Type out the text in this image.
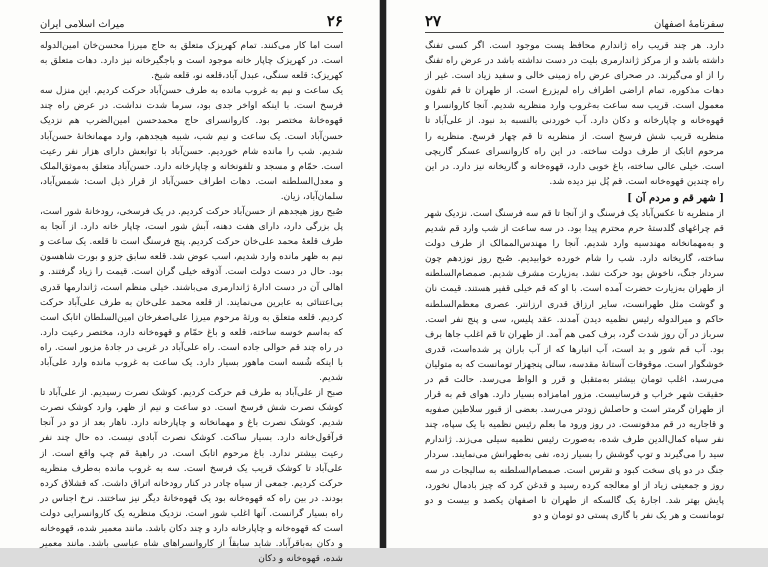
میراث اسلامی ایران	۲۶

است اما کار می‌کنند. تمام کهریزک متعلق به حاج میرزا محسن‌خان امین‌الدوله است. در کهریزک چاپار خانه موجود است و باجگیرخانه نیز دارد. دهات متعلق به کهریزک: قلعه سنگی، عبدل آباد،قلعه نو، قلعه شیخ.

یک ساعت و نیم به غروب مانده به طرف حسن‌آباد حرکت کردیم. این منزل سه فرسخ است. با اینکه اواخر جدی بود، سرما شدت نداشت. در عرض راه چند قهوه‌خانهٔ مختصر بود. کاروانسرای حاج محمدحسن امین‌الضرب هم نزدیک حسن‌آباد است. یک ساعت و نیم شب، شبیه هیجدهم، وارد مهمانخانهٔ حسن‌آباد شدیم. شب را مانده شام خوردیم. حسن‌آباد با توابعش دارای هزار نفر رعیت است. حمّام و مسجد و تلفونخانه و چاپارخانه دارد. حسن‌آباد متعلق به‌موثق‌الملک و معدل‌السلطنه است. دهات اطراف حسن‌آباد از قرار ذیل است: شمس‌آباد، سلمان‌آباد، زیان.

صُبح روز هیجدهم از حسن‌آباد حرکت کردیم. در یک فرسخی، رودخانهٔ شور است، پل بزرگی دارد، دارای هفت دهنه، آبش شور است، چاپار خانه دارد. از آنجا به طرف قلعهٔ محمد علی‌خان حرکت کردیم. پنج فرسنگ است تا قلعه. یک ساعت و نیم به ظهر مانده وارد شدیم، اسب عوض شد. قلعه سابق جزو و بورت شاهسون بود. حال در دست دولت است. آذوقه خیلی گران است. قیمت را زیاد گرفتند. و اهالی آن در دست ادارهٔ ژاندارمری می‌باشند. خیلی منظم است، ژاندارمها قدری بی‌اعتنائی به عابرین می‌نمایند. از قلعه محمد علی‌خان به طرف علی‌آباد حرکت کردیم. قلعه متعلق به ورثهٔ مرحوم میرزا علی‌اصغرخان امین‌السلطان اتابک است که به‌اسم خوسه ساخته، قلعه و باغ حمّام و قهوه‌خانه دارد، مختصر رعیت دارد. در راه چند قم حوالی جاده است. راه علی‌آباد در غربی در جادهٔ مزبور است. راه با اینکه شُسه است ماهور بسیار دارد. یک ساعت به غروب مانده وارد علی‌آباد شدیم.

صبح از علی‌آباد به طرف قم حرکت کردیم. کوشک نصرت رسیدیم. از علی‌آباد تا کوشک نصرت شش فرسخ است. دو ساعت و نیم از ظهر، وارد کوشک نصرت شدیم. کوشک نصرت باغ و مهمانخانه و چاپارخانه دارد. ناهار بعد از دو در آنجا قرآقول‌خانه دارد. بسیار ساکت. کوشک نصرت آبادی نیست. ده حال چند نفر رعیت بیشتر ندارد. باغ مرحوم اتابک است. در راهیهٔ قم چپ واقع است. از علی‌آباد تا کوشک قریب یک فرسخ است. سه به غروب مانده به‌طرف منظریه حرکت کردیم. جمعی از سیاه چادر در کنار رودخانه اتراق داشت. که قشلاق کرده بودند. در بین راه که قهوه‌خانه بود یک قهوه‌خانهٔ دیگر نیز ساختند. نرخ اجناس در راه بسیار گرانست. آنها اغلب شور است. نزدیک منظریه یک کاروانسرایی دولت است که قهوه‌خانه و چاپارخانه دارد و چند دکان باشد. مانند معمیر شده، قهوه‌خانه و دکان به‌باقرآباد. شاید سابقاً از کاروانسراهای شاه عباسی باشد. مانند معمیر شده، قهوه‌خانه و دکان

۲۷	سفرنامهٔ اصفهان

دارد. هر چند قریب راه ژاندارم محافظ پست موجود است. اگر کسی تفنگ داشته باشد و از مرکز ژاندارمری بلیت در دست نداشته باشد در عرض راه تفنگ را از او می‌گیرند. در صحرای عرض راه زمینی خالی و سفید زیاد است. غیر از دهات مذکوره، تمام اراضی اطراف راه لم‌یزرع است. از طهران تا قم تلفون معمول است. قریب سه ساعت به‌غروب وارد منظریه شدیم. آنجا کاروانسرا و قهوه‌خانه و چاپارخانه و دکان دارد. آب خوردنی بالنسبه بد نبود. از علی‌آباد تا منظریه قریب شش فرسخ است. از منظریه تا قم چهار فرسخ. منظریه را مرحوم اتابک از طرف دولت ساخته. در این راه کاروانسرای عسکر گاریچی است. خیلی عالی ساخته، باغ خوبی دارد، قهوه‌خانه و گاریخانه نیز دارد. در این راه چندین قهوه‌خانه است. قم پُل نیز دیده شد.

[ شهر قم و مردم آن ]

از منظریه تا عکس‌آباد یک فرسنگ و از آنجا تا قم سه فرسنگ است. نزدیک شهر قم چراغهای گلدستهٔ حرم محترم پیدا بود. در سه ساعت از شب وارد قم شدیم و به‌مهمانخانه مهندسیه وارد شدیم. آنجا را مهندس‌الممالک از طرف دولت ساخته، گاریخانه دارد. شب را شام خورده خوابیدیم. صُبح روز نوزدهم چون سردار جنگ، ناخوش بود حرکت نشد. به‌زیارت مشرف شدیم. صمصام‌السلطنه از طهران به‌زیارت حضرت آمده است. با او که قم خیلی قفیر هستند. قیمت نان و گوشت مثل طهرانست، سایر ارزاق قدری ارزانتر. عصری معظم‌السلطنه حاکم و میرالدوله رئیس نظمیه دیدن آمدند. عقد پلیس، سی و پنج نفر است. سرباز در آن روز شدت گرد، برف کمی هم آمد. از طهران تا قم اغلب جاها برف بود. آب قم شور و بد است، آب انبارها که از آب باران پر شده‌است، قدری خوشگوار است. موقوفات آستانهٔ مقدسه، سالی پنجهزار تومانست که به متولیان می‌رسد، اغلب تومان بیشتر به‌متقبل و قرر و الواظ می‌رسد. حالت قم در حقیقت شهر خراب و فرسانیست. مزور امامزاده بسیار دارد. هوای قم به قرار از طهران گرمتر است و حاصلش زودتر می‌رسد. بعضی از قبور سلاطین صفویه و قاجاریه در قم مدفونست. در روز ورود ما بعلم رئیس نظمیه با یک سپاه، چند نفر سپاه کمال‌الدین طرف شده، به‌صورت رئیس نظمیه سیلی می‌زند. ژاندارم سید را می‌گیرند و توپ گوشش را بسیار زده، نفی به‌طهرانش می‌نمایند. سردار جنگ در دو پای سخت کبود و تقرس است. صمصام‌السلطنه به سالیجات در سه روز و جمعیتی زیاد از او معالجه کرده رسید و قدغن کرد که چیز بادمال نخورد، پایش بهتر شد. اجارهٔ یک گالسکه از طهران تا اصفهان یکصد و بیست و دو تومانست و هر یک نفر با گاری پستی دو تومان و دو
